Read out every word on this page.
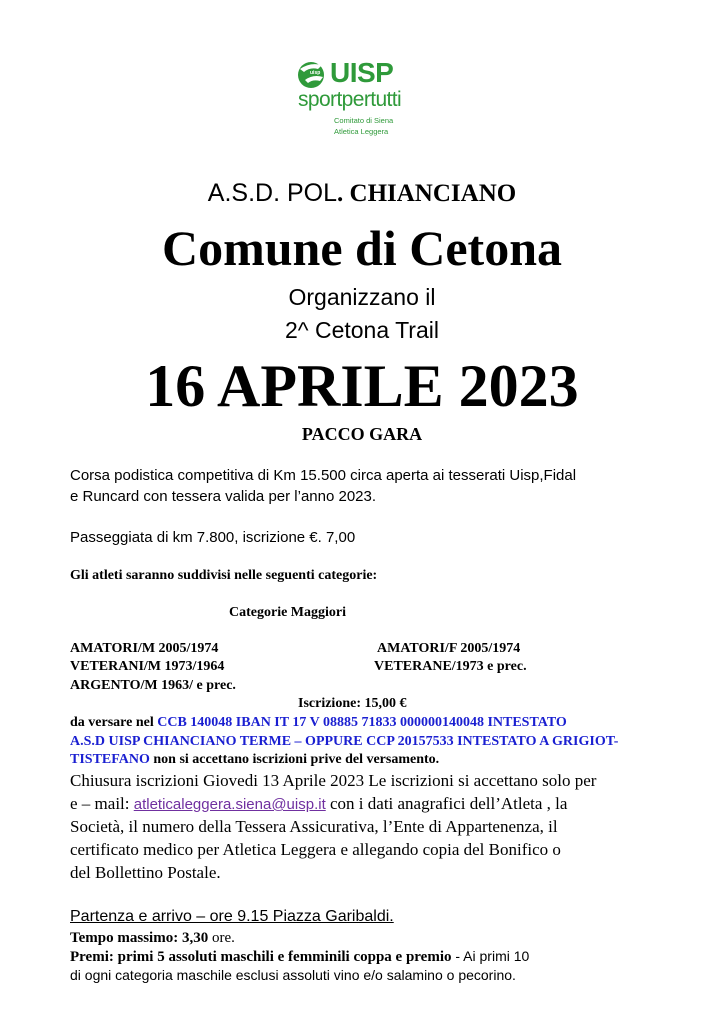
uisp UISP
sportpertutti
Comitato di Siena
Atletica Leggera
A.S.D. POL. CHIANCIANO
Comune di Cetona
Organizzano il
2^ Cetona Trail
16 APRILE 2023
PACCO GARA
Corsa podistica competitiva di Km 15.500 circa aperta ai tesserati Uisp,Fidal
e Runcard con tessera valida per l’anno 2023.
Passeggiata di km 7.800, iscrizione €. 7,00
Gli atleti saranno suddivisi nelle seguenti categorie:
Categorie Maggiori
AMATORI/M 2005/1974
VETERANI/M 1973/1964
ARGENTO/M 1963/ e prec.
AMATORI/F 2005/1974
VETERANE/1973 e prec.
Iscrizione: 15,00 €
da versare nel CCB 140048 IBAN IT 17 V 08885 71833 000000140048 INTESTATO
A.S.D UISP CHIANCIANO TERME – OPPURE CCP 20157533 INTESTATO A GRIGIOT-
TISTEFANO non si accettano iscrizioni prive del versamento.
Chiusura iscrizioni Giovedi 13 Aprile 2023 Le iscrizioni si accettano solo per
e – mail: atleticaleggera.siena@uisp.it con i dati anagrafici dell’Atleta , la
Società, il numero della Tessera Assicurativa, l’Ente di Appartenenza, il
certificato medico per Atletica Leggera e allegando copia del Bonifico o
del Bollettino Postale.
Partenza e arrivo – ore 9.15 Piazza Garibaldi.
Tempo massimo: 3,30 ore.
Premi: primi 5 assoluti maschili e femminili coppa e premio - Ai primi 10
di ogni categoria maschile esclusi assoluti vino e/o salamino o pecorino.
